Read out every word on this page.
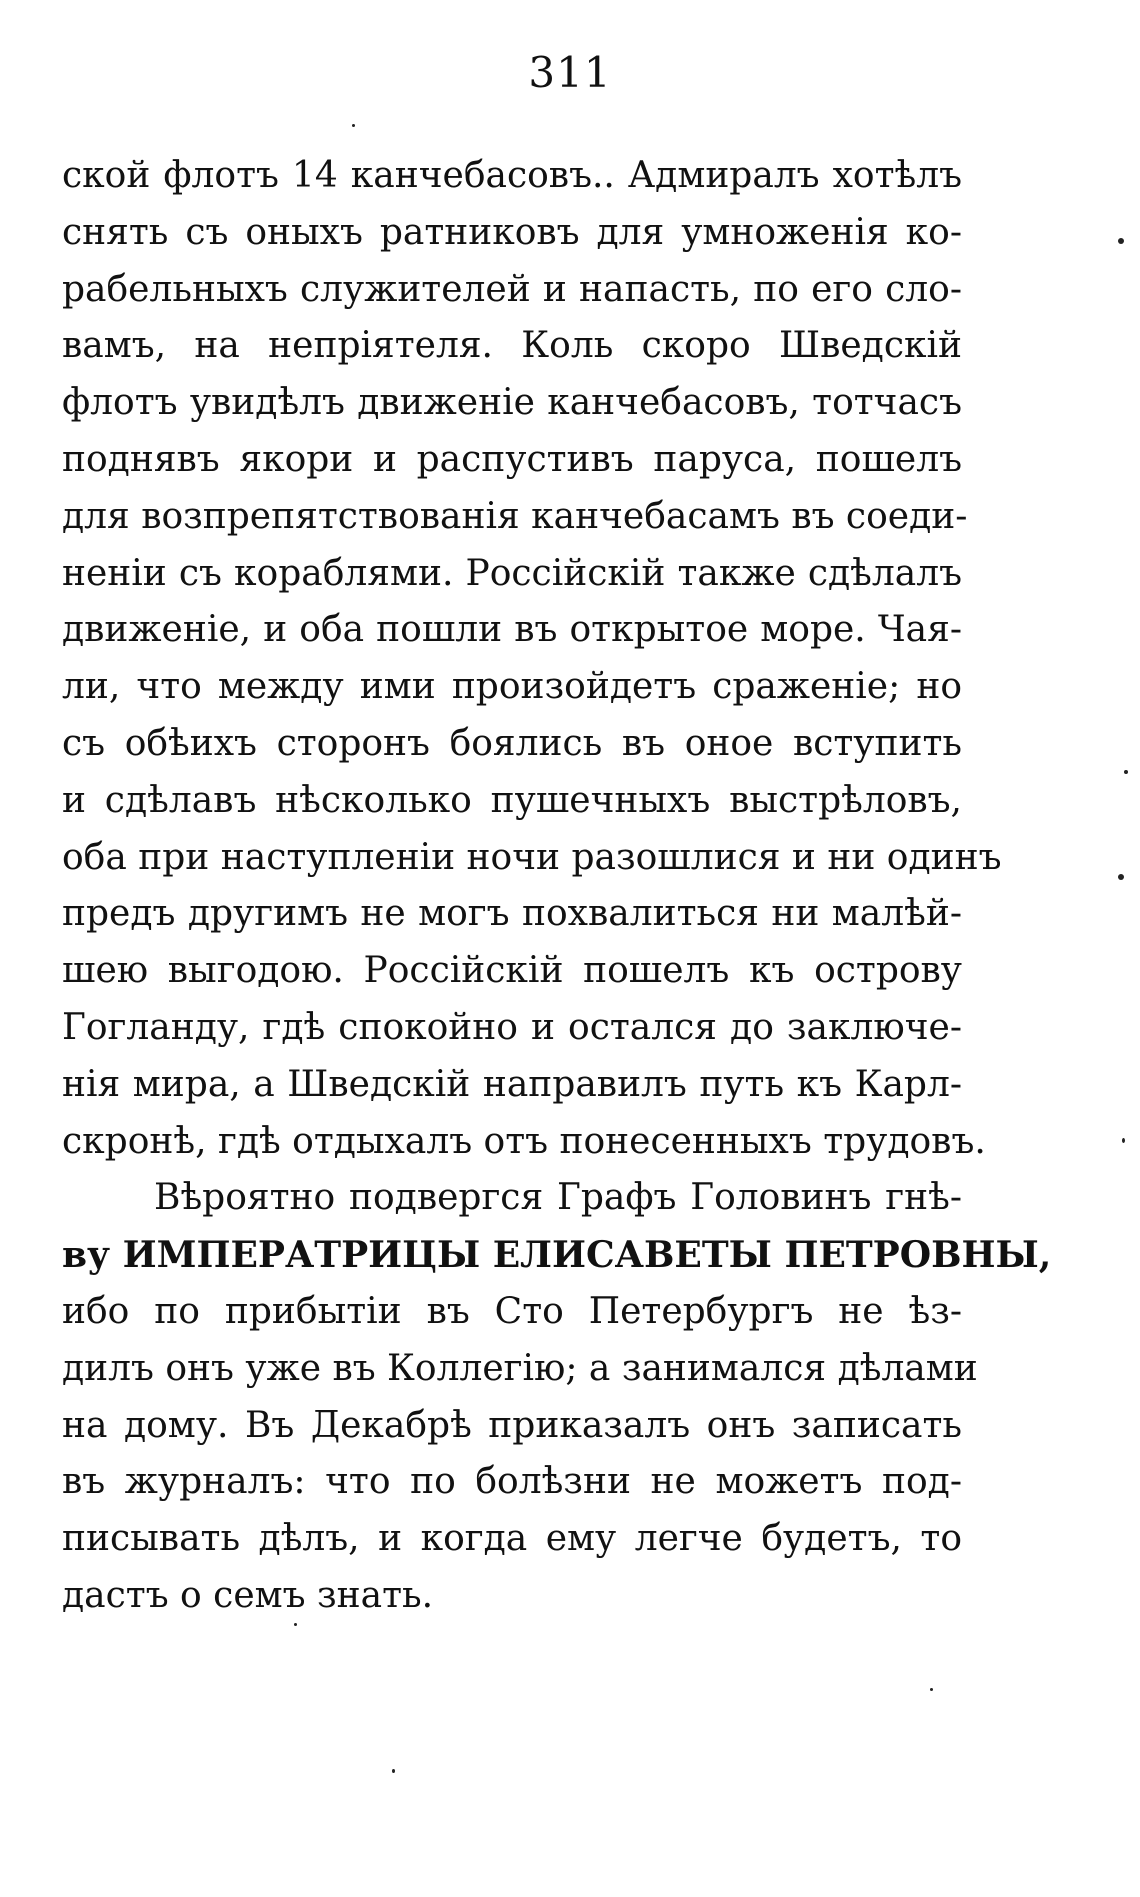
311
ской флотъ 14 канчебасовъ.. Адмиралъ хотѣлъ
снять съ оныхъ ратниковъ для умноженія ко-
рабельныхъ служителей и напасть, по его сло-
вамъ, на непріятеля. Коль скоро Шведскій
флотъ увидѣлъ движеніе канчебасовъ, тотчасъ
поднявъ якори и распустивъ паруса, пошелъ
для возпрепятствованія канчебасамъ въ соеди-
неніи съ кораблями. Россійскій также сдѣлалъ
движеніе, и оба пошли въ открытое море. Чая-
ли, что между ими произойдетъ сраженіе; но
съ обѣихъ сторонъ боялись въ оное вступить
и сдѣлавъ нѣсколько пушечныхъ выстрѣловъ,
оба при наступленіи ночи разошлися и ни одинъ
предъ другимъ не могъ похвалиться ни малѣй-
шею выгодою. Россійскій пошелъ къ острову
Гогланду, гдѣ спокойно и остался до заключе-
нія мира, а Шведскій направилъ путь къ Карл-
скронѣ, гдѣ отдыхалъ отъ понесенныхъ трудовъ.
Вѣроятно подвергся Графъ Головинъ гнѣ-
ву ИМПЕРАТРИЦЫ ЕЛИСАВЕТЫ ПЕТРОВНЫ,
ибо по прибытіи въ Сто Петербургъ не ѣз-
дилъ онъ уже въ Коллегію; а занимался дѣлами
на дому. Въ Декабрѣ приказалъ онъ записать
въ журналъ: что по болѣзни не можетъ под-
писывать дѣлъ, и когда ему легче будетъ, то
дастъ о семъ знать.
